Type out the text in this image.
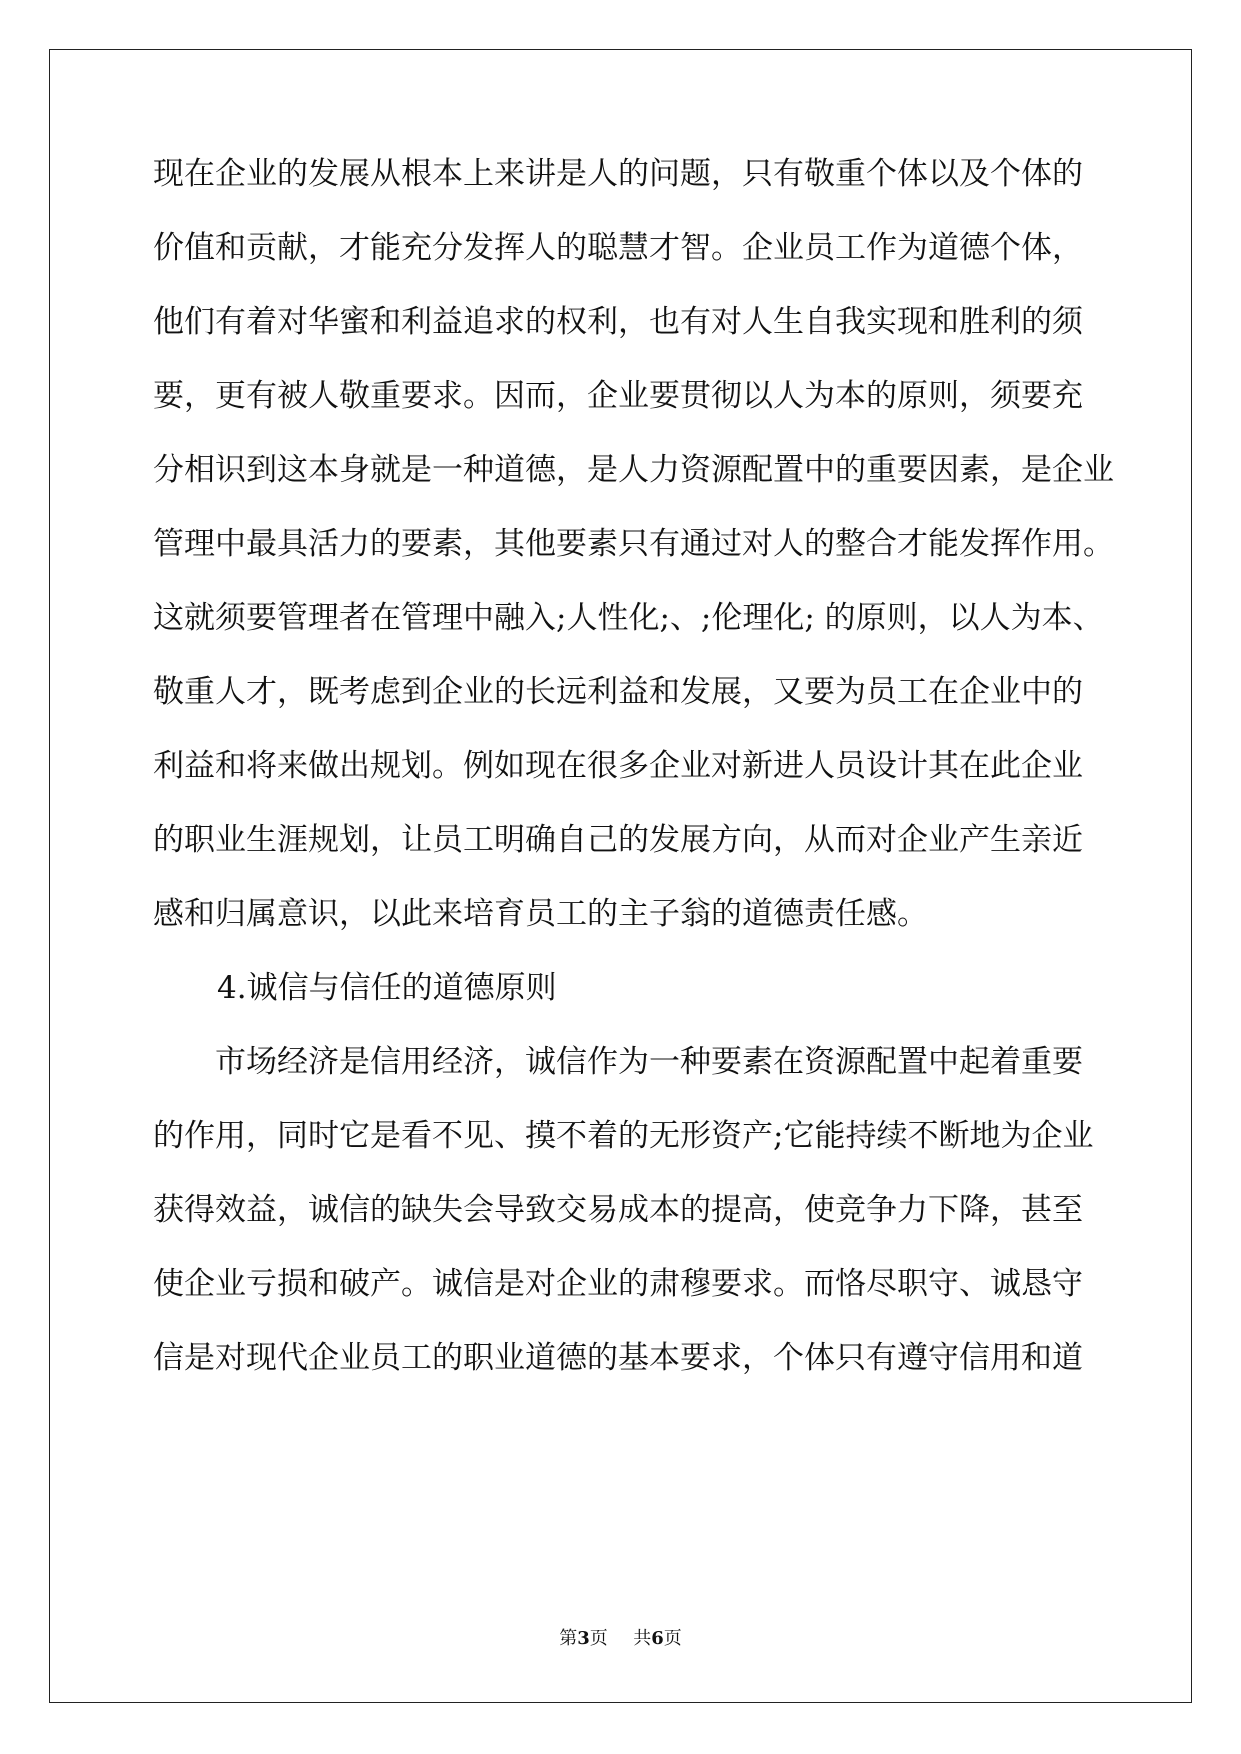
现在企业的发展从根本上来讲是人的问题，只有敬重个体以及个体的
价值和贡献，才能充分发挥人的聪慧才智。企业员工作为道德个体，
他们有着对华蜜和利益追求的权利，也有对人生自我实现和胜利的须
要，更有被人敬重要求。因而，企业要贯彻以人为本的原则，须要充
分相识到这本身就是一种道德，是人力资源配置中的重要因素，是企业
管理中最具活力的要素，其他要素只有通过对人的整合才能发挥作用。
这就须要管理者在管理中融入;人性化;、;伦理化; 的原则，以人为本、
敬重人才，既考虑到企业的长远利益和发展，又要为员工在企业中的
利益和将来做出规划。例如现在很多企业对新进人员设计其在此企业
的职业生涯规划，让员工明确自己的发展方向，从而对企业产生亲近
感和归属意识，以此来培育员工的主子翁的道德责任感。
4.诚信与信任的道德原则
市场经济是信用经济，诚信作为一种要素在资源配置中起着重要
的作用，同时它是看不见、摸不着的无形资产;它能持续不断地为企业
获得效益，诚信的缺失会导致交易成本的提高，使竞争力下降，甚至
使企业亏损和破产。诚信是对企业的肃穆要求。而恪尽职守、诚恳守
信是对现代企业员工的职业道德的基本要求，个体只有遵守信用和道
第3页 共6页
